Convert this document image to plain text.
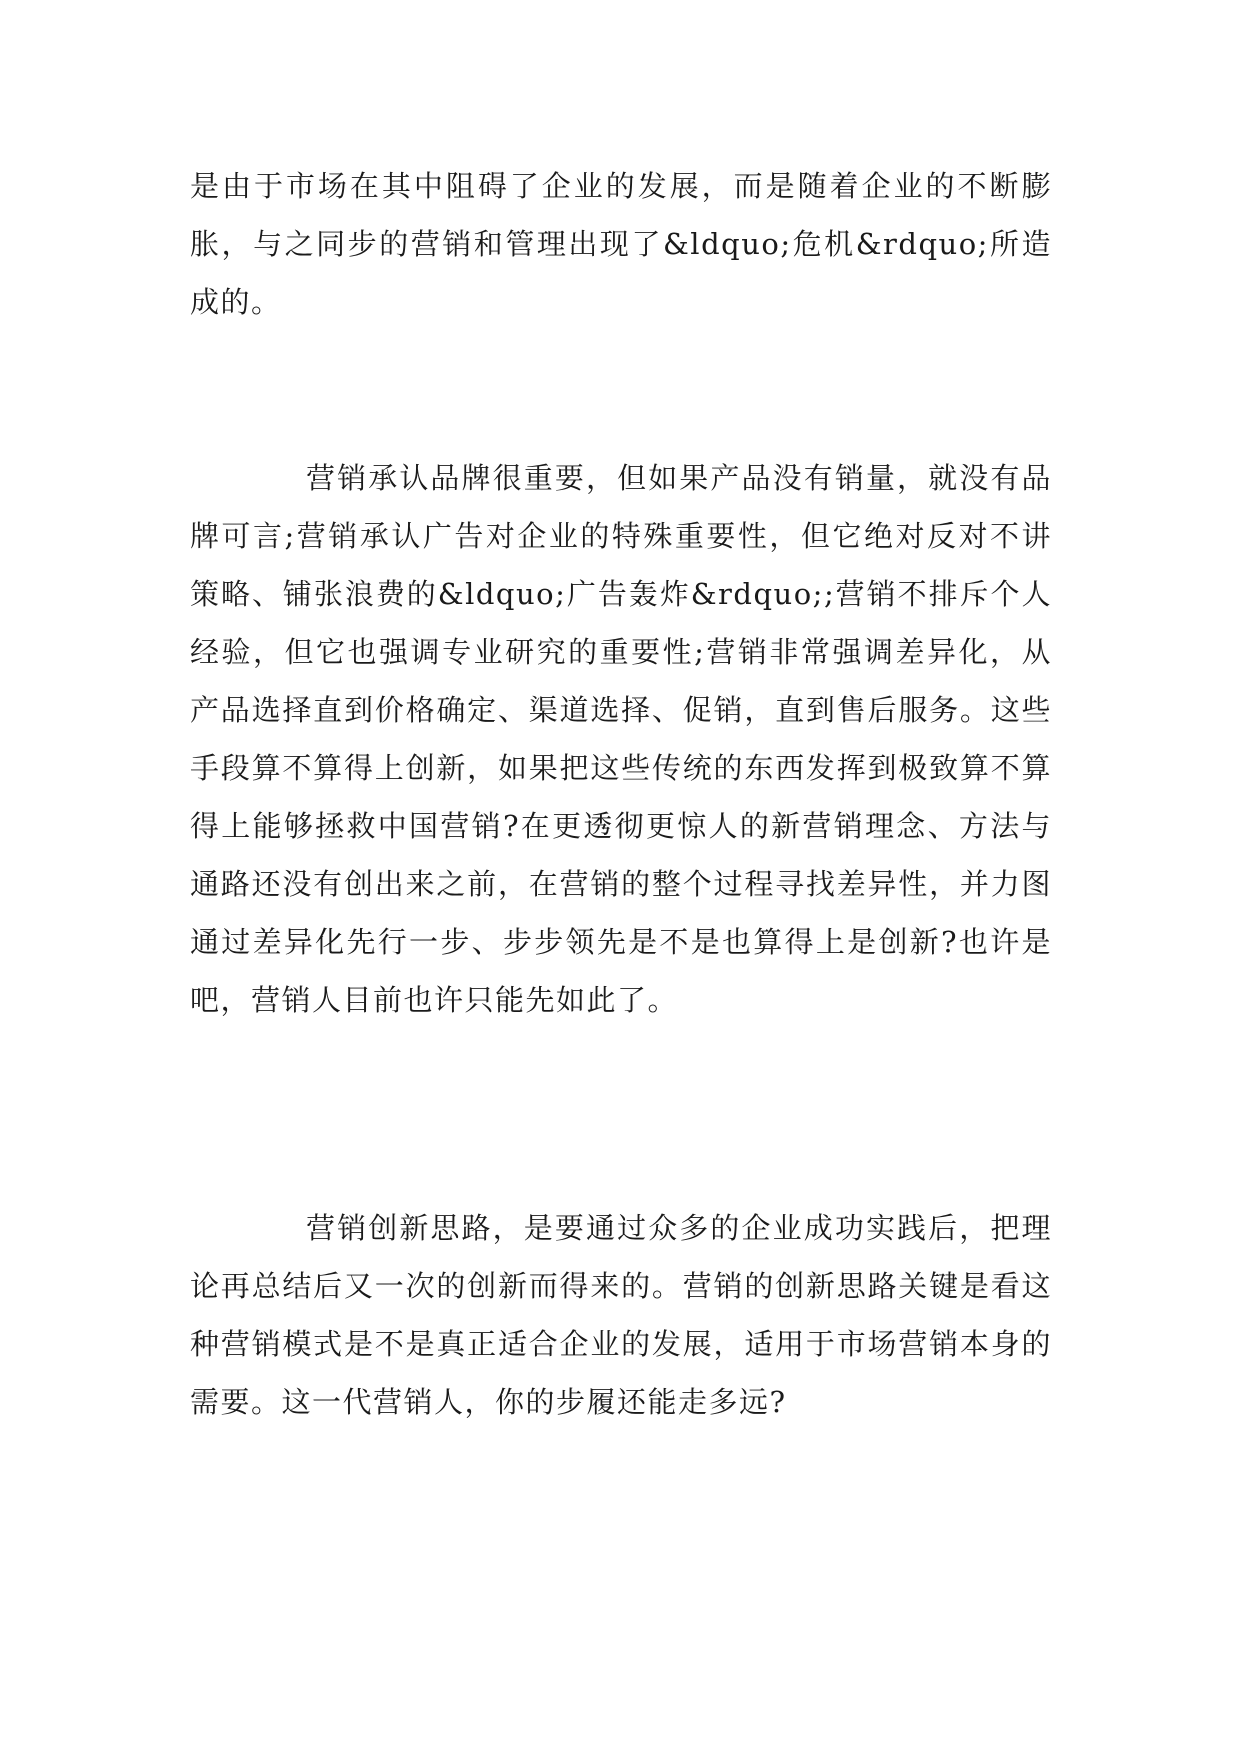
是由于市场在其中阻碍了企业的发展，而是随着企业的不断膨胀，与之同步的营销和管理出现了&ldquo;危机&rdquo;所造成的。

营销承认品牌很重要，但如果产品没有销量，就没有品牌可言;营销承认广告对企业的特殊重要性，但它绝对反对不讲策略、铺张浪费的&ldquo;广告轰炸&rdquo;;营销不排斥个人经验，但它也强调专业研究的重要性;营销非常强调差异化，从产品选择直到价格确定、渠道选择、促销，直到售后服务。这些手段算不算得上创新，如果把这些传统的东西发挥到极致算不算得上能够拯救中国营销?在更透彻更惊人的新营销理念、方法与通路还没有创出来之前，在营销的整个过程寻找差异性，并力图通过差异化先行一步、步步领先是不是也算得上是创新?也许是吧，营销人目前也许只能先如此了。

营销创新思路，是要通过众多的企业成功实践后，把理论再总结后又一次的创新而得来的。营销的创新思路关键是看这种营销模式是不是真正适合企业的发展，适用于市场营销本身的需要。这一代营销人，你的步履还能走多远?
